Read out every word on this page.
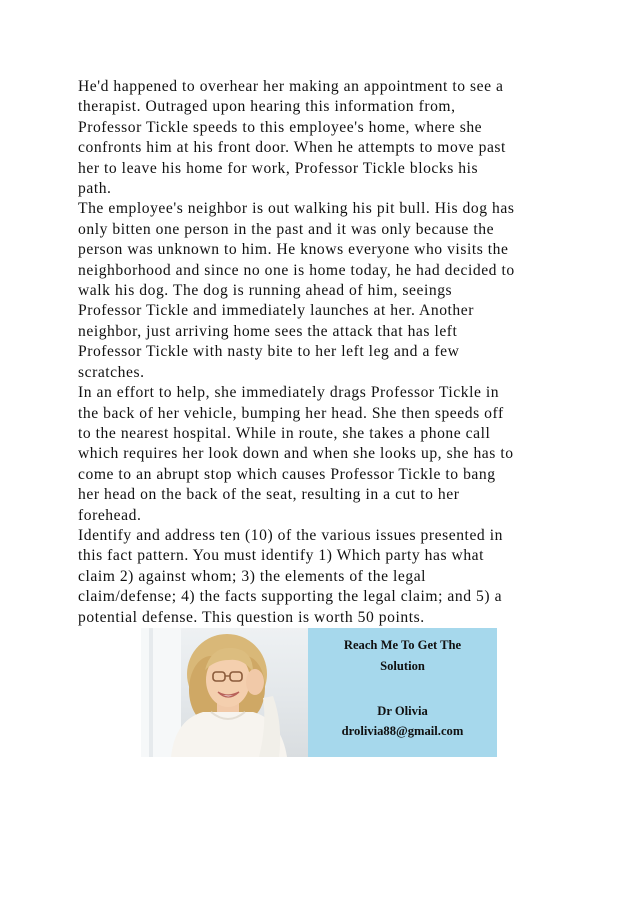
He'd happened to overhear her making an appointment to see a
therapist. Outraged upon hearing this information from,
Professor Tickle speeds to this employee's home, where she
confronts him at his front door. When he attempts to move past
her to leave his home for work, Professor Tickle blocks his
path.
The employee's neighbor is out walking his pit bull. His dog has
only bitten one person in the past and it was only because the
person was unknown to him. He knows everyone who visits the
neighborhood and since no one is home today, he had decided to
walk his dog. The dog is running ahead of him, seeings
Professor Tickle and immediately launches at her. Another
neighbor, just arriving home sees the attack that has left
Professor Tickle with nasty bite to her left leg and a few
scratches.
In an effort to help, she immediately drags Professor Tickle in
the back of her vehicle, bumping her head. She then speeds off
to the nearest hospital. While in route, she takes a phone call
which requires her look down and when she looks up, she has to
come to an abrupt stop which causes Professor Tickle to bang
her head on the back of the seat, resulting in a cut to her
forehead.
Identify and address ten (10) of the various issues presented in
this fact pattern. You must identify 1) Which party has what
claim 2) against whom; 3) the elements of the legal
claim/defense; 4) the facts supporting the legal claim; and 5) a
potential defense. This question is worth 50 points.
Reach Me To Get The
Solution
Dr Olivia
drolivia88@gmail.com
